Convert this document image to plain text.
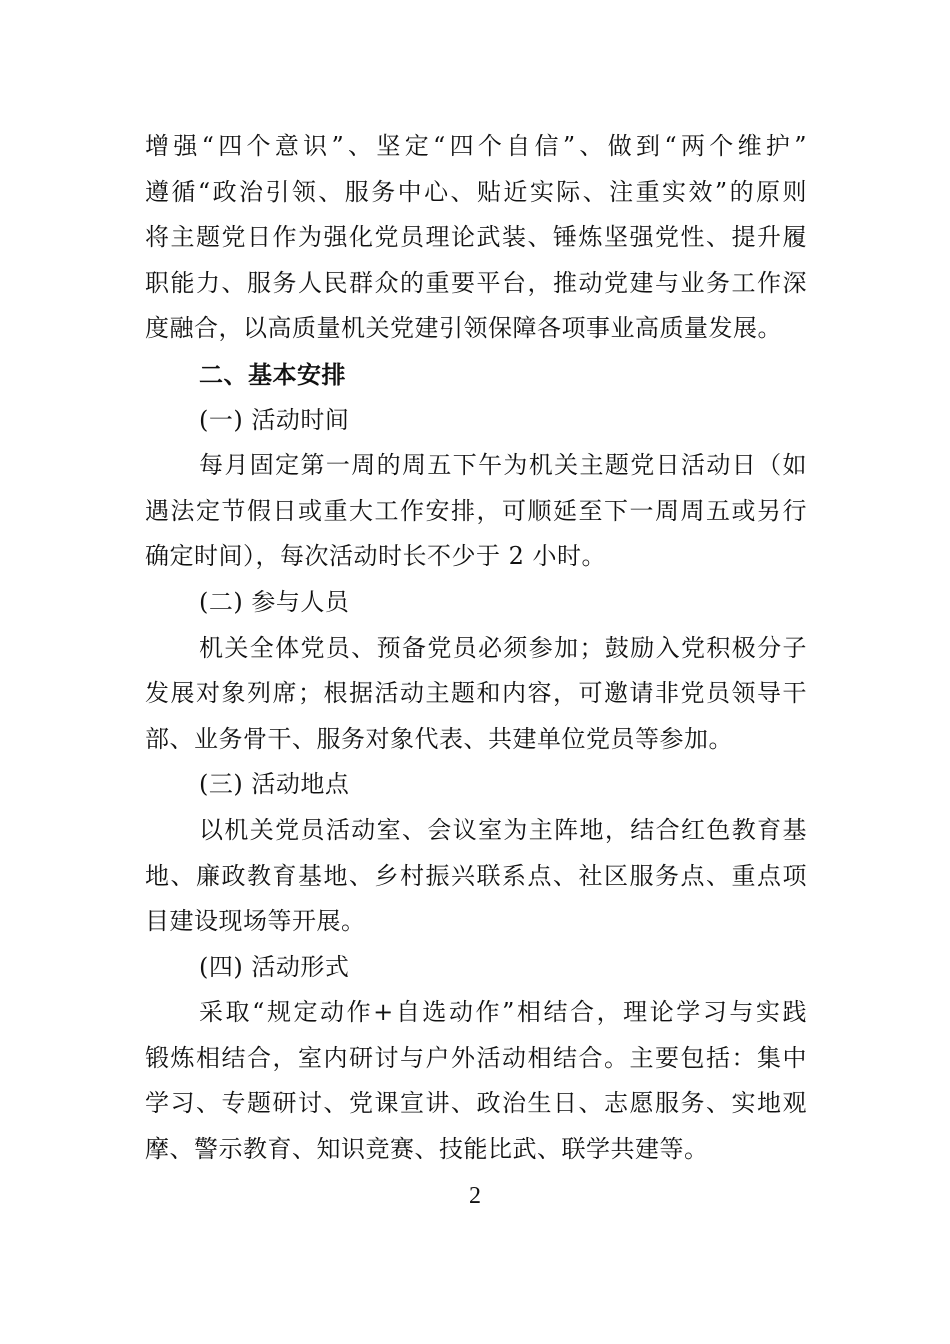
增强“四个意识”、坚定“四个自信”、做到“两个维护”
遵循“政治引领、服务中心、贴近实际、注重实效”的原则
将主题党日作为强化党员理论武装、锤炼坚强党性、提升履
职能力、服务人民群众的重要平台，推动党建与业务工作深
度融合，以高质量机关党建引领保障各项事业高质量发展。
二、基本安排
(一) 活动时间
每月固定第一周的周五下午为机关主题党日活动日（如
遇法定节假日或重大工作安排，可顺延至下一周周五或另行
确定时间），每次活动时长不少于 2 小时。
(二) 参与人员
机关全体党员、预备党员必须参加；鼓励入党积极分子
发展对象列席；根据活动主题和内容，可邀请非党员领导干
部、业务骨干、服务对象代表、共建单位党员等参加。
(三) 活动地点
以机关党员活动室、会议室为主阵地，结合红色教育基
地、廉政教育基地、乡村振兴联系点、社区服务点、重点项
目建设现场等开展。
(四) 活动形式
采取“规定动作+自选动作”相结合，理论学习与实践
锻炼相结合，室内研讨与户外活动相结合。主要包括：集中
学习、专题研讨、党课宣讲、政治生日、志愿服务、实地观
摩、警示教育、知识竞赛、技能比武、联学共建等。
2
